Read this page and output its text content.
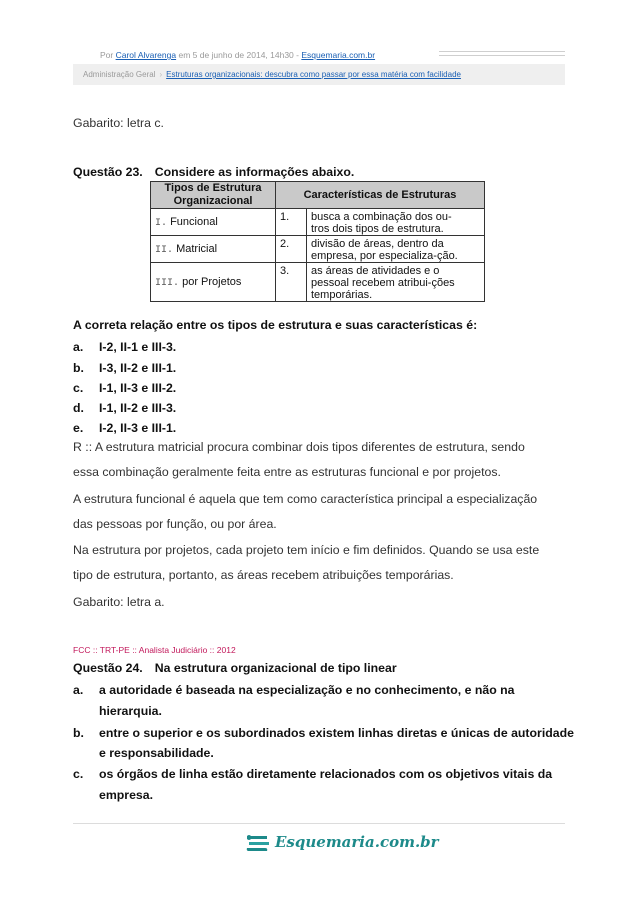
Por Carol Alvarenga em 5 de junho de 2014, 14h30 - Esquemaria.com.br
Administração Geral › Estruturas organizacionais: descubra como passar por essa matéria com facilidade
Gabarito: letra c.
Questão 23. Considere as informações abaixo.
Tipos de Estrutura
Organizacional	Características de Estruturas	
I. Funcional		1.	busca a combinação dos ou-
tros dois tipos de estrutura.
II. Matricial		2.	divisão de áreas, dentro da
empresa, por especializa-ção.
III. por Projetos		3.	as áreas de atividades e o
pessoal recebem atribui-ções
temporárias.
A correta relação entre os tipos de estrutura e suas características é:
a. I-2, II-1 e III-3.
b. I-3, II-2 e III-1.
c. I-1, II-3 e III-2.
d. I-1, II-2 e III-3.
e. I-2, II-3 e III-1.
R :: A estrutura matricial procura combinar dois tipos diferentes de estrutura, sendo
essa combinação geralmente feita entre as estruturas funcional e por projetos.
A estrutura funcional é aquela que tem como característica principal a especialização
das pessoas por função, ou por área.
Na estrutura por projetos, cada projeto tem início e fim definidos. Quando se usa este
tipo de estrutura, portanto, as áreas recebem atribuições temporárias.
Gabarito: letra a.
FCC :: TRT-PE :: Analista Judiciário :: 2012
Questão 24. Na estrutura organizacional de tipo linear
a. a autoridade é baseada na especialização e no conhecimento, e não na
hierarquia.
b. entre o superior e os subordinados existem linhas diretas e únicas de autoridade
e responsabilidade.
c. os órgãos de linha estão diretamente relacionados com os objetivos vitais da
empresa.
Esquemaria.com.br
